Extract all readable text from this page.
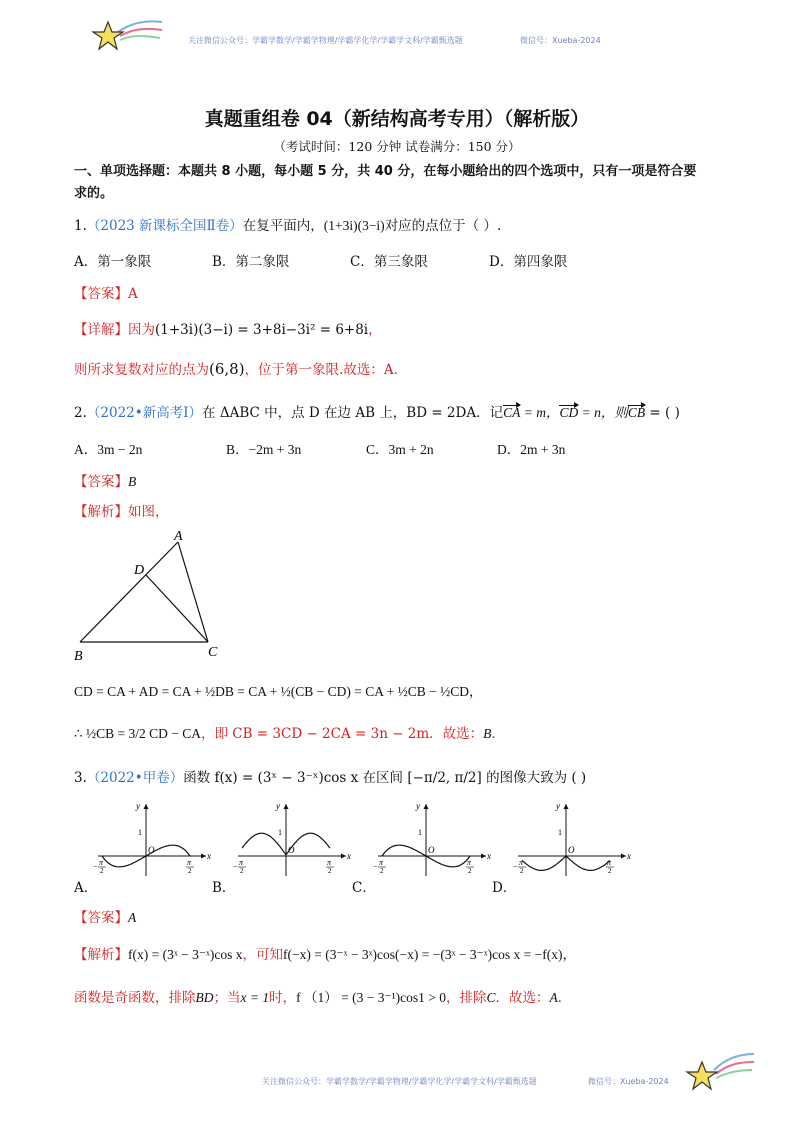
关注微信公众号：学霸学数学/学霸学物理/学霸学化学/学霸学文科/学霸甄选题	微信号：Xueba-2024
真题重组卷 04（新结构高考专用）（解析版）
（考试时间：120 分钟 试卷满分：150 分）
一、单项选择题：本题共 8 小题，每小题 5 分，共 40 分，在每小题给出的四个选项中，只有一项是符合要
求的。
1.（2023 新课标全国Ⅱ卷）在复平面内，(1+3i)(3−i)对应的点位于（ ）.
A．第一象限	B．第二象限	C．第三象限	D．第四象限
【答案】A
【详解】因为(1+3i)(3−i) = 3+8i−3i² = 6+8i，
则所求复数对应的点为(6,8)，位于第一象限.故选：A.
2.（2022•新高考Ⅰ）在 ΔABC 中，点 D 在边 AB 上，BD = 2DA．记CA = m，CD = n，则CB = ( )
A．3m − 2n	B．−2m + 3n	C．3m + 2n	D．2m + 3n
【答案】B
【解析】如图，
A
D
B	C
CD = CA + AD = CA + ½DB = CA + ½(CB − CD) = CA + ½CB − ½CD，
∴ ½CB = 3/2 CD − CA，即 CB = 3CD − 2CA = 3n − 2m．故选：B．
3.（2022•甲卷）函数 f(x) = (3ˣ − 3⁻ˣ)cos x 在区间 [−π/2, π/2] 的图像大致为 ( )
y
x
1
O
π
2
− π
2
y
x
1
O
π
2
− π
2
y
x
1
O
π
2
− π
2
y
x
1
O
π
2
− π
2
A．	B．	C．	D．
【答案】A
【解析】f(x) = (3ˣ − 3⁻ˣ)cos x，可知f(−x) = (3⁻ˣ − 3ˣ)cos(−x) = −(3ˣ − 3⁻ˣ)cos x = −f(x)，
函数是奇函数，排除BD；当x = 1时，f （1） = (3 − 3⁻¹)cos1 > 0，排除C．故选：A．
关注微信公众号：学霸学数学/学霸学物理/学霸学化学/学霸学文科/学霸甄选题	微信号：Xueba-2024
